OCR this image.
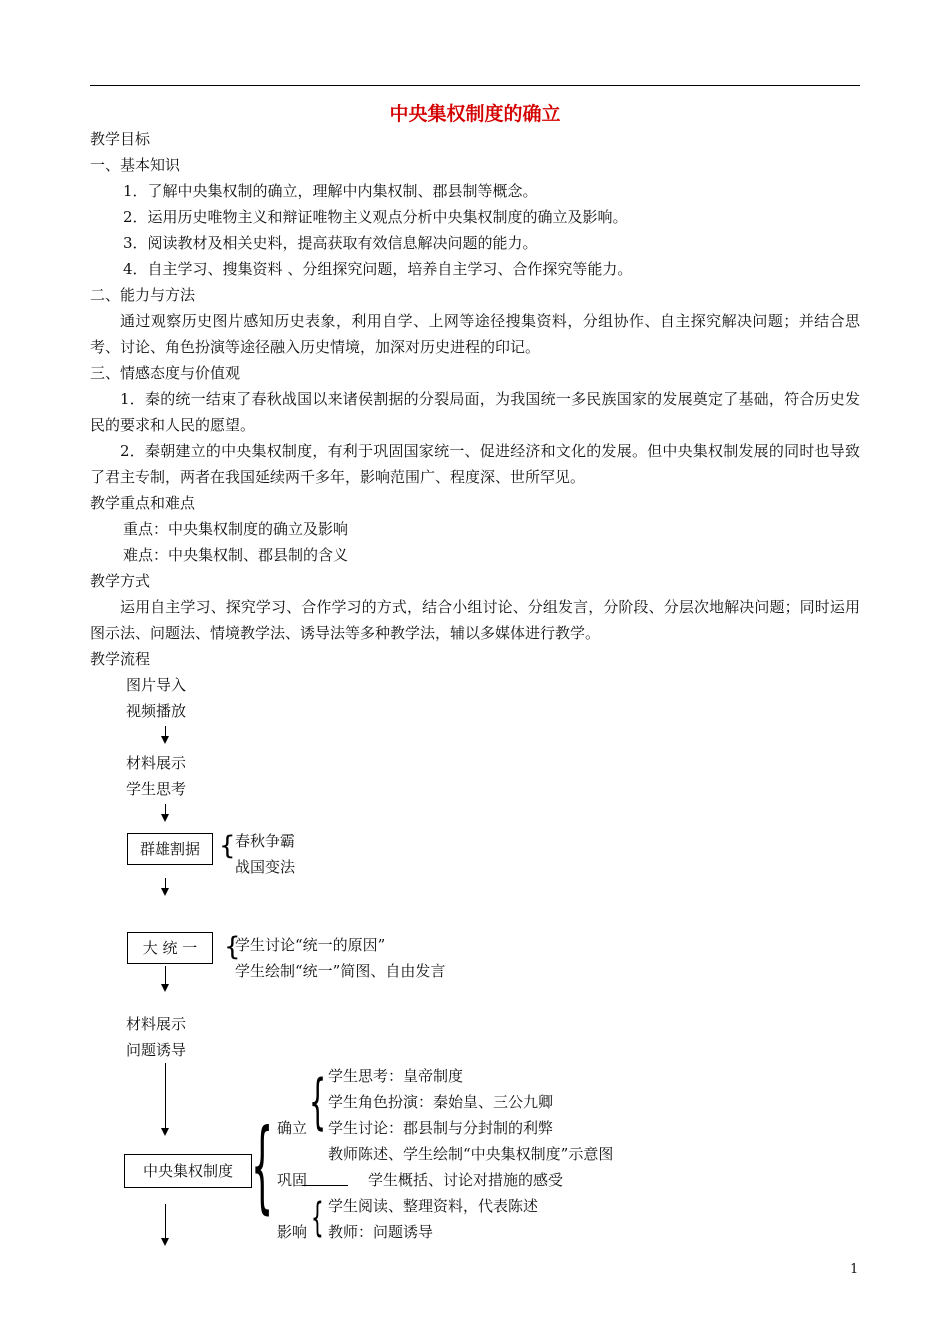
中央集权制度的确立
教学目标
一、基本知识
1．了解中央集权制的确立，理解中内集权制、郡县制等概念。
2．运用历史唯物主义和辩证唯物主义观点分析中央集权制度的确立及影响。
3．阅读教材及相关史料，提高获取有效信息解决问题的能力。
4．自主学习、搜集资料 、分组探究问题，培养自主学习、合作探究等能力。
二、能力与方法
通过观察历史图片感知历史表象，利用自学、上网等途径搜集资料，分组协作、自主探究解决问题；并结合思考、讨论、角色扮演等途径融入历史情境，加深对历史进程的印记。
三、情感态度与价值观
1．秦的统一结束了春秋战国以来诸侯割据的分裂局面，为我国统一多民族国家的发展奠定了基础，符合历史发民的要求和人民的愿望。
2．秦朝建立的中央集权制度，有利于巩固国家统一、促进经济和文化的发展。但中央集权制发展的同时也导致了君主专制，两者在我国延续两千多年，影响范围广、程度深、世所罕见。
教学重点和难点
重点：中央集权制度的确立及影响
难点：中央集权制、郡县制的含义
教学方式
运用自主学习、探究学习、合作学习的方式，结合小组讨论、分组发言，分阶段、分层次地解决问题；同时运用图示法、问题法、情境教学法、诱导法等多种教学法，辅以多媒体进行教学。
教学流程
图片导入
视频播放
材料展示
学生思考
群雄割据 { 春秋争霸
战国变法
大 统 一	{
学生讨论“统一的原因”
学生绘制“统一”简图、自由发言
材料展示
问题诱导
中央集权制度 { 确立 { 学生思考：皇帝制度
学生角色扮演：秦始皇、三公九卿
学生讨论：郡县制与分封制的利弊
教师陈述、学生绘制“中央集权制度”示意图
巩固	学生概括、讨论对措施的感受
{ 学生阅读、整理资料，代表陈述
影响 教师：问题诱导
1
